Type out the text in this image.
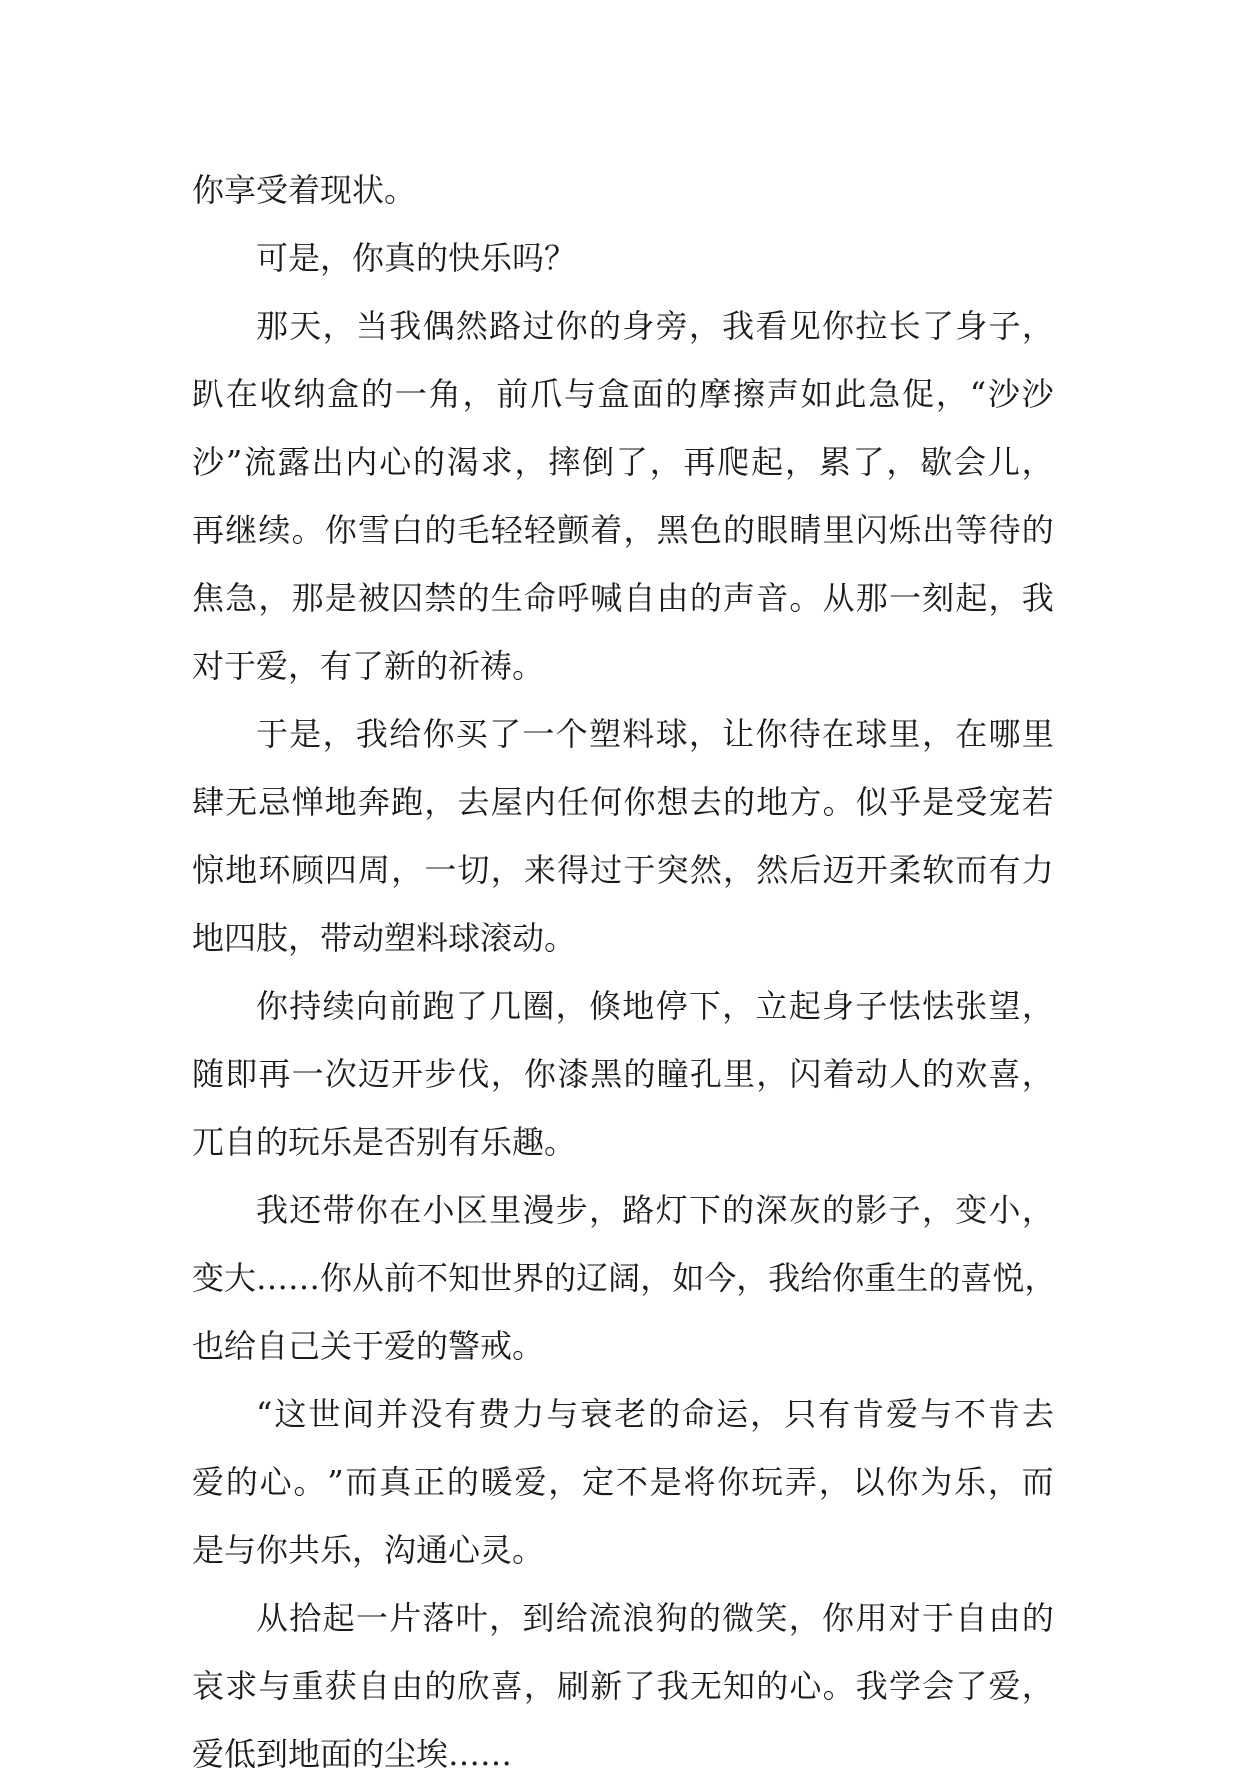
你享受着现状。
可是，你真的快乐吗？
那 天 ， 当 我 偶 然 路 过 你 的 身 旁 ， 我 看 见 你 拉 长 了 身 子 ，
趴 在 收 纳 盒 的 一 角 ， 前 爪 与 盒 面 的 摩 擦 声 如 此 急 促 ， “ 沙 沙
沙 ” 流 露 出 内 心 的 渴 求 ， 摔 倒 了 ， 再 爬 起 ， 累 了 ， 歇 会 儿 ，
再 继 续 。 你 雪 白 的 毛 轻 轻 颤 着 ， 黑 色 的 眼 睛 里 闪 烁 出 等 待 的
焦 急 ， 那 是 被 囚 禁 的 生 命 呼 喊 自 由 的 声 音 。 从 那 一 刻 起 ， 我
对于爱，有了新的祈祷。
于 是 ， 我 给 你 买 了 一 个 塑 料 球 ， 让 你 待 在 球 里 ， 在 哪 里
肆 无 忌 惮 地 奔 跑 ， 去 屋 内 任 何 你 想 去 的 地 方 。 似 乎 是 受 宠 若
惊 地 环 顾 四 周 ， 一 切 ， 来 得 过 于 突 然 ， 然 后 迈 开 柔 软 而 有 力
地四肢，带动塑料球滚动。
你 持 续 向 前 跑 了 几 圈 ， 倏 地 停 下 ， 立 起 身 子 怯 怯 张 望 ，
随 即 再 一 次 迈 开 步 伐 ， 你 漆 黑 的 瞳 孔 里 ， 闪 着 动 人 的 欢 喜 ，
兀自的玩乐是否别有乐趣。
我 还 带 你 在 小 区 里 漫 步 ， 路 灯 下 的 深 灰 的 影 子 ， 变 小 ，
变 大 … … 你 从 前 不 知 世 界 的 辽 阔 ， 如 今 ， 我 给 你 重 生 的 喜 悦 ，
也给自己关于爱的警戒。
“ 这 世 间 并 没 有 费 力 与 衰 老 的 命 运 ， 只 有 肯 爱 与 不 肯 去
爱 的 心 。 ” 而 真 正 的 暖 爱 ， 定 不 是 将 你 玩 弄 ， 以 你 为 乐 ， 而
是与你共乐，沟通心灵。
从 拾 起 一 片 落 叶 ， 到 给 流 浪 狗 的 微 笑 ， 你 用 对 于 自 由 的
哀 求 与 重 获 自 由 的 欣 喜 ， 刷 新 了 我 无 知 的 心 。 我 学 会 了 爱 ，
爱低到地面的尘埃……
